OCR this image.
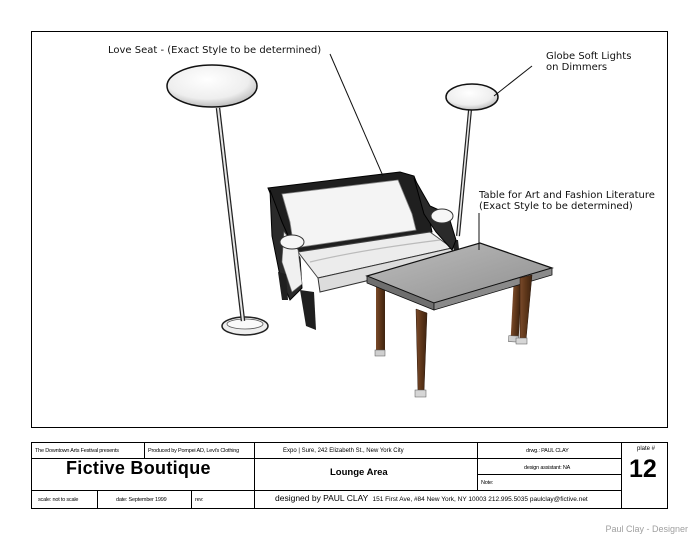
Love Seat - (Exact Style to be determined)
Globe Soft Lights
on Dimmers
Table for Art and Fashion Literature
(Exact Style to be determined)
The Downtown Arts Festival presents	Produced by Pompei AD, Levi's Clothing	Expo | Sure, 242 Elizabeth St., New York City	drwg.: PAUL CLAY	plate #
Fictive Boutique	Lounge Area	design assistant: NA
Note:	12
scale: not to scale	date: September 1999	rev:	designed by PAUL CLAY 151 First Ave, #84 New York, NY 10003 212.995.5035 paulclay@fictive.net
Paul Clay - Designer
